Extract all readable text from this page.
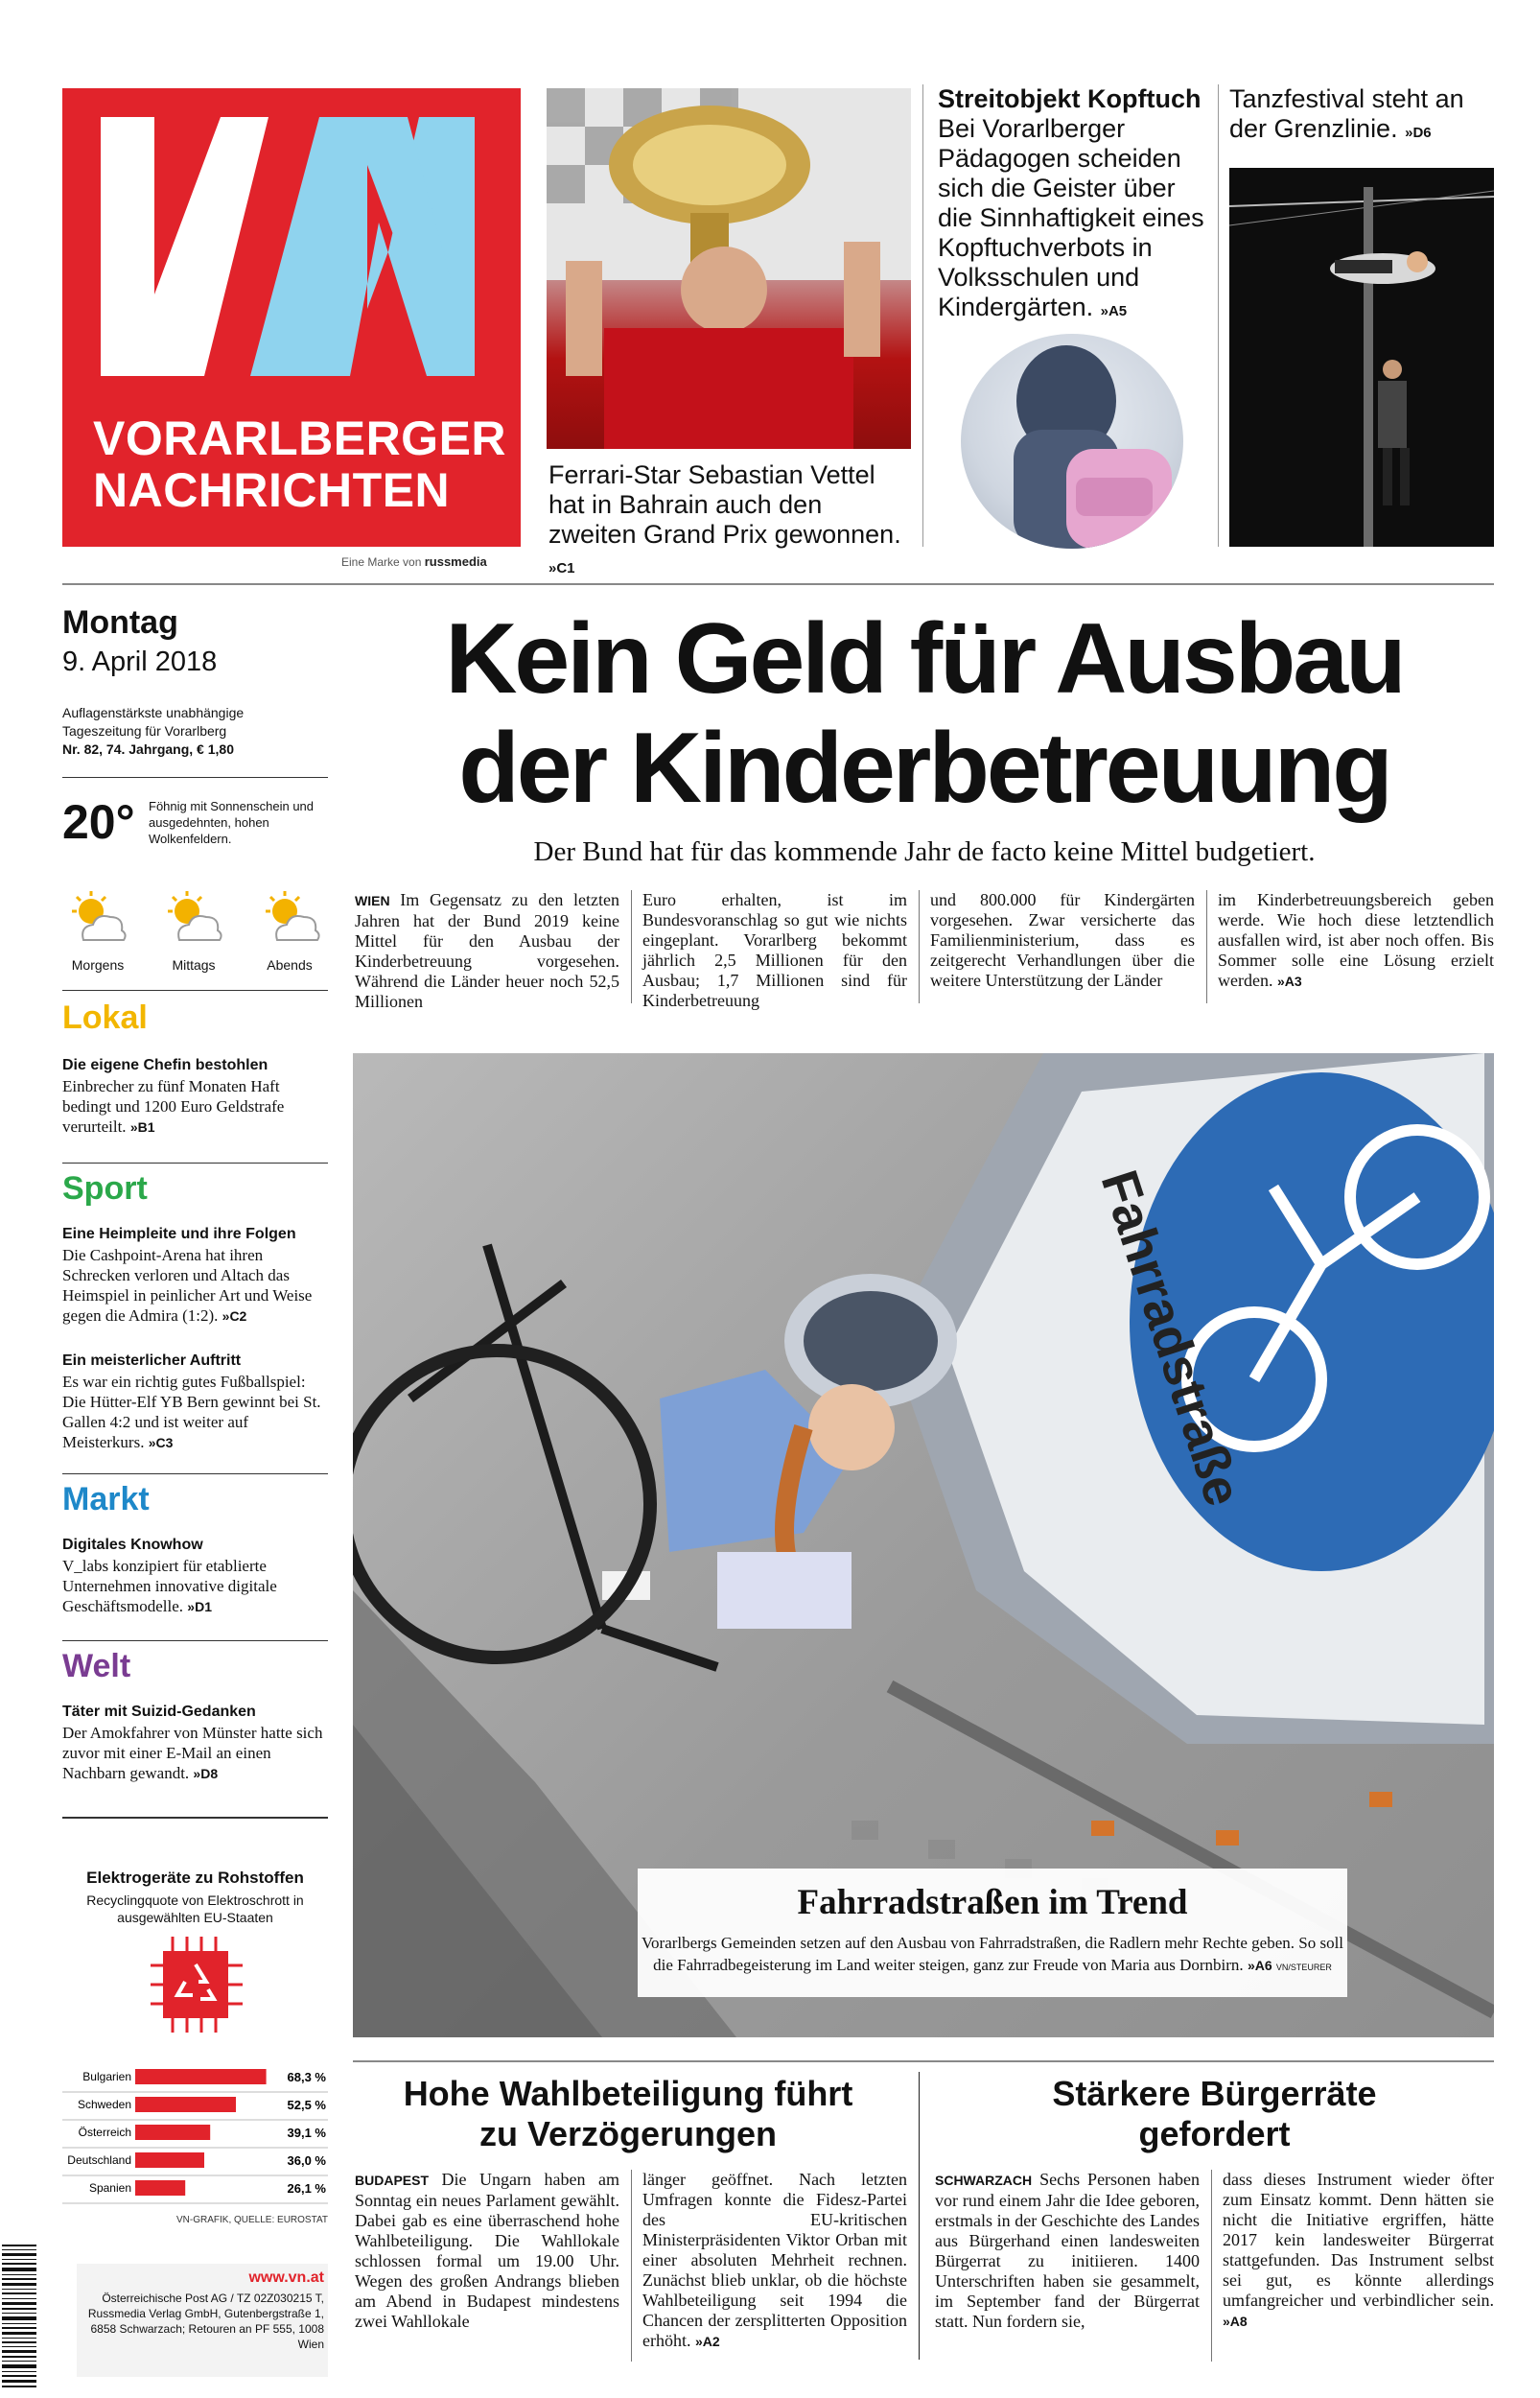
VORARLBERGER
NACHRICHTEN
Eine Marke von russmedia
Ferrari-Star Sebastian Vettel hat in Bahrain auch den zweiten Grand Prix gewonnen. »C1
Streitobjekt Kopftuch
Bei Vorarlberger Pädagogen scheiden sich die Geister über die Sinnhaftigkeit eines Kopftuchverbots in Volksschulen und Kindergärten. »A5
Tanzfestival steht an der Grenzlinie. »D6
Montag
9. April 2018
Auflagenstärkste unabhängige
Tageszeitung für Vorarlberg
Nr. 82, 74. Jahrgang, € 1,80
20° Föhnig mit Sonnenschein und ausgedehnten, hohen Wolkenfeldern.
Morgens	Mittags	Abends
Lokal
Die eigene Chefin bestohlen
Einbrecher zu fünf Monaten Haft bedingt und 1200 Euro Geldstrafe verurteilt. »B1
Sport
Eine Heimpleite und ihre Folgen
Die Cashpoint-Arena hat ihren Schrecken verloren und Altach das Heimspiel in peinlicher Art und Weise gegen die Admira (1:2). »C2
Ein meisterlicher Auftritt
Es war ein richtig gutes Fußballspiel: Die Hütter-Elf YB Bern gewinnt bei St. Gallen 4:2 und ist weiter auf Meisterkurs. »C3
Markt
Digitales Knowhow
V_labs konzipiert für etablierte Unternehmen innovative digitale Geschäftsmodelle. »D1
Welt
Täter mit Suizid-Gedanken
Der Amokfahrer von Münster hatte sich zuvor mit einer E-Mail an einen Nachbarn gewandt. »D8
Elektrogeräte zu Rohstoffen
Recyclingquote von Elektroschrott in ausgewählten EU-Staaten
Bulgarien	68,3 %
Schweden	52,5 %
Österreich	39,1 %
Deutschland	36,0 %
Spanien	26,1 %
VN-GRAFIK, QUELLE: EUROSTAT
www.vn.at
Österreichische Post AG / TZ 02Z030215 T,
Russmedia Verlag GmbH, Gutenbergstraße 1,
6858 Schwarzach; Retouren an PF 555, 1008 Wien
Kein Geld für Ausbau
der Kinderbetreuung
Der Bund hat für das kommende Jahr de facto keine Mittel budgetiert.
WIEN Im Gegensatz zu den letzten Jahren hat der Bund 2019 keine Mittel für den Ausbau der Kinderbetreuung vorgesehen. Während die Länder heuer noch 52,5 Millionen
Euro erhalten, ist im Bundesvoranschlag so gut wie nichts eingeplant. Vorarlberg bekommt jährlich 2,5 Millionen für den Ausbau; 1,7 Millionen sind für Kinderbetreuung
und 800.000 für Kindergärten vorgesehen. Zwar versicherte das Familienministerium, dass es zeitgerecht Verhandlungen über die weitere Unterstützung der Länder
im Kinderbetreuungsbereich geben werde. Wie hoch diese letztendlich ausfallen wird, ist aber noch offen. Bis Sommer solle eine Lösung erzielt werden. »A3
Fahrradstraße
Fahrradstraßen im Trend
Vorarlbergs Gemeinden setzen auf den Ausbau von Fahrradstraßen, die Radlern mehr Rechte geben. So soll die Fahrradbegeisterung im Land weiter steigen, ganz zur Freude von Maria aus Dornbirn. »A6 VN/STEURER
Hohe Wahlbeteiligung führt
zu Verzögerungen
BUDAPEST Die Ungarn haben am Sonntag ein neues Parlament gewählt. Dabei gab es eine überraschend hohe Wahlbeteiligung. Die Wahllokale schlossen formal um 19.00 Uhr. Wegen des großen Andrangs blieben am Abend in Budapest mindestens zwei Wahllokale
länger geöffnet. Nach letzten Umfragen konnte die Fidesz-Partei des EU-kritischen Ministerpräsidenten Viktor Orban mit einer absoluten Mehrheit rechnen. Zunächst blieb unklar, ob die höchste Wahlbeteiligung seit 1994 die Chancen der zersplitterten Opposition erhöht. »A2
Stärkere Bürgerräte
gefordert
SCHWARZACH Sechs Personen haben vor rund einem Jahr die Idee geboren, erstmals in der Geschichte des Landes aus Bürgerhand einen landesweiten Bürgerrat zu initiieren. 1400 Unterschriften haben sie gesammelt, im September fand der Bürgerrat statt. Nun fordern sie,
dass dieses Instrument wieder öfter zum Einsatz kommt. Denn hätten sie nicht die Initiative ergriffen, hätte 2017 kein landesweiter Bürgerrat stattgefunden. Das Instrument selbst sei gut, es könnte allerdings umfangreicher und verbindlicher sein. »A8
